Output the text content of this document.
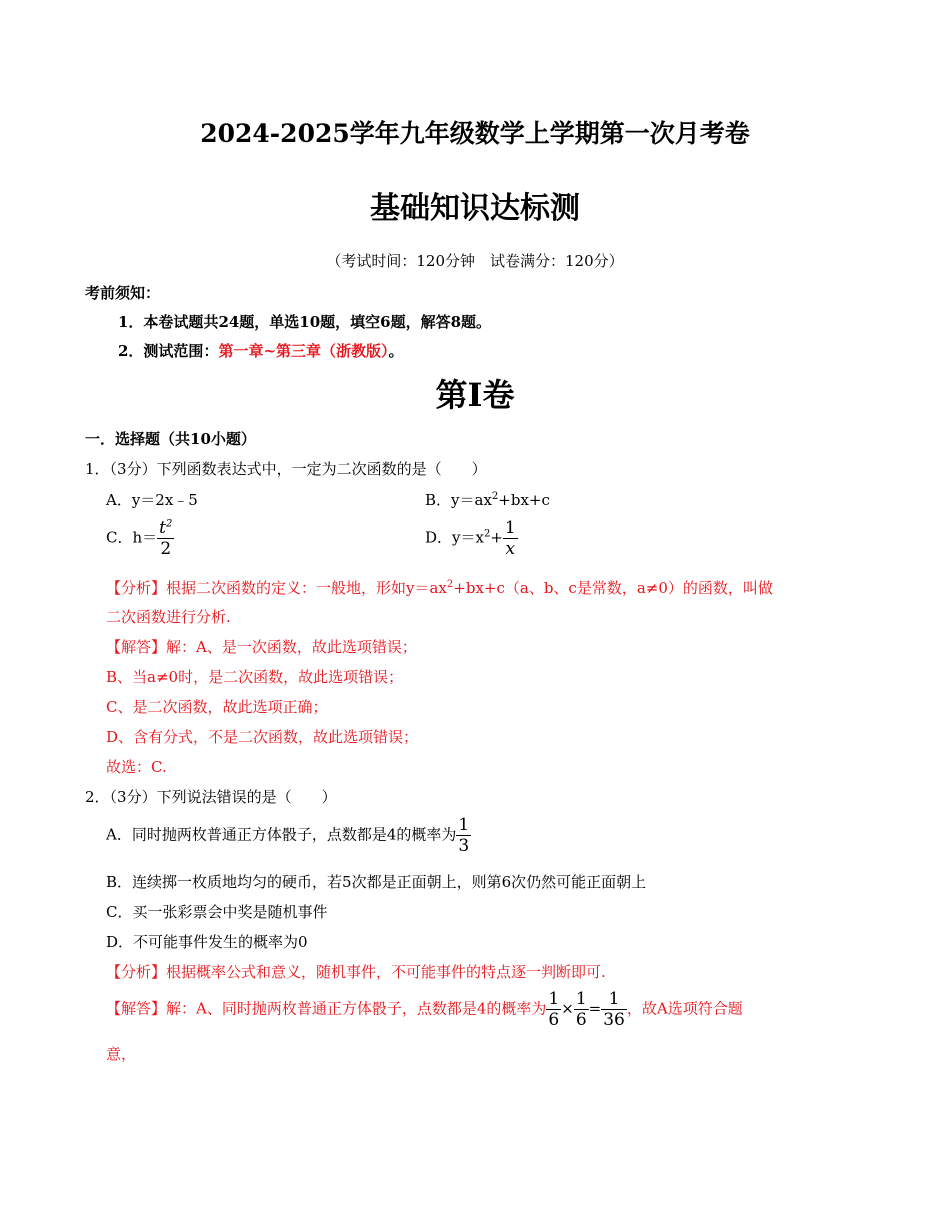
2024-2025学年九年级数学上学期第一次月考卷
基础知识达标测
（考试时间：120分钟　试卷满分：120分）
考前须知：
1．本卷试题共24题，单选10题，填空6题，解答8题。
2．测试范围：第一章~第三章（浙教版）。
第Ⅰ卷
一．选择题（共10小题）
1．（3分）下列函数表达式中，一定为二次函数的是（　　）
A．y＝2x﹣5	B．$y=ax^2+bx+c$
C．$h= \frac{t^2}{2}$	D．$y=x^2+ \frac{1}{x}$
【分析】根据二次函数的定义：一般地，形如$y=ax^2+bx+c(a$、b、c是常数，a≠0）的函数，叫做
二次函数进行分析.
【解答】解：A、是一次函数，故此选项错误；
B、当a≠0时，是二次函数，故此选项错误；
C、是二次函数，故此选项正确；
D、含有分式，不是二次函数，故此选项错误；
故选：C.
2．（3分）下列说法错误的是（　　）
A．同时抛两枚普通正方体骰子，点数都是4的概率为 $\frac{1}{3}$
B．连续掷一枚质地均匀的硬币，若5次都是正面朝上，则第6次仍然可能正面朝上
C．买一张彩票会中奖是随机事件
D．不可能事件发生的概率为0
【分析】根据概率公式和意义，随机事件，不可能事件的特点逐一判断即可.
【解答】解：A、同时抛两枚普通正方体骰子，点数都是4的概率为 $\frac{1}{6} \times \frac{1}{6} = \frac{1}{36}$ ，故A选项符合题
意，
